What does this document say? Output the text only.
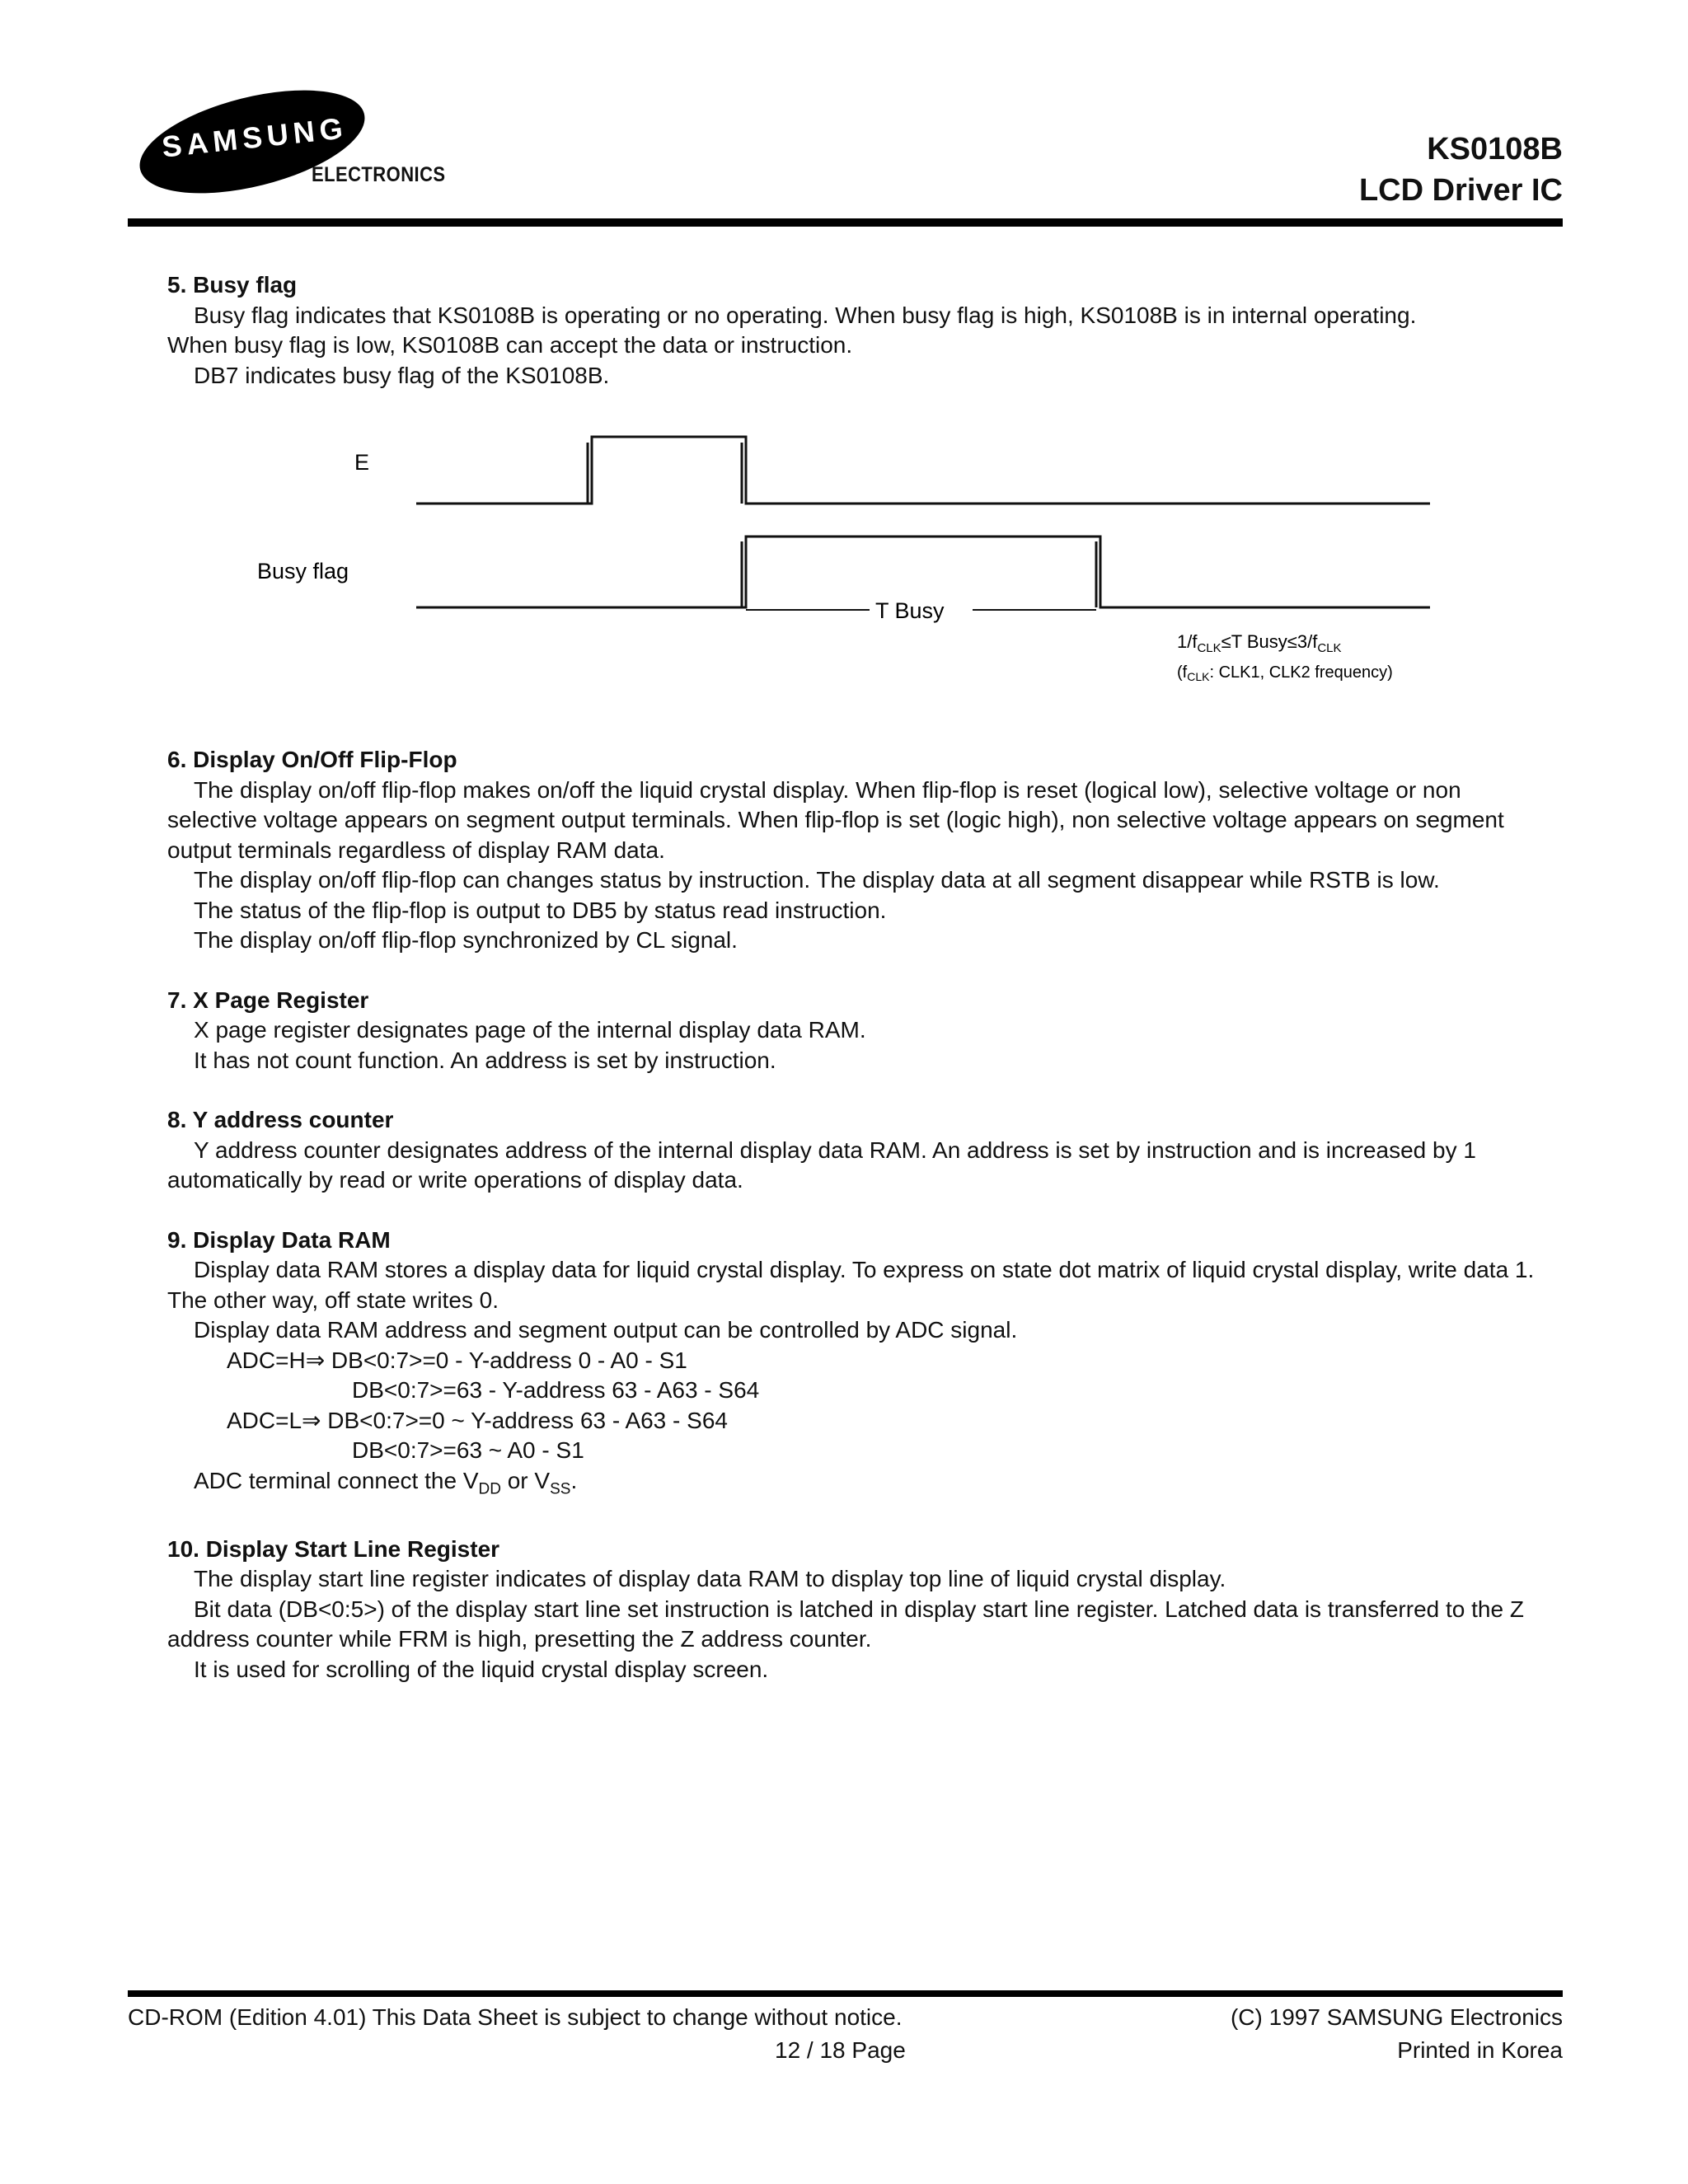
SAMSUNG
ELECTRONICS
KS0108B
LCD Driver IC
5. Busy flag

Busy flag indicates that KS0108B is operating or no operating. When busy flag is high, KS0108B is in internal operating.

When busy flag is low, KS0108B can accept the data or instruction.

DB7 indicates busy flag of the KS0108B.

E
Busy flag
T Busy
$1/f_{CLK}\le T$ $Busy\le 3/f_{CLK}$
($f_{CLK}$: CLK1, CLK2 frequency)
6. Display On/Off Flip-Flop

The display on/off flip-flop makes on/off the liquid crystal display. When flip-flop is reset (logical low), selective voltage or non selective voltage appears on segment output terminals. When flip-flop is set (logic high), non selective voltage appears on segment output terminals regardless of display RAM data.

The display on/off flip-flop can changes status by instruction. The display data at all segment disappear while RSTB is low.

The status of the flip-flop is output to DB5 by status read instruction.

The display on/off flip-flop synchronized by CL signal.

7. X Page Register

X page register designates page of the internal display data RAM.

It has not count function. An address is set by instruction.

8. Y address counter

Y address counter designates address of the internal display data RAM. An address is set by instruction and is increased by 1 automatically by read or write operations of display data.

9. Display Data RAM

Display data RAM stores a display data for liquid crystal display. To express on state dot matrix of liquid crystal display, write data 1. The other way, off state writes 0.

Display data RAM address and segment output can be controlled by ADC signal.

ADC=H⇒ DB<0:7>=0 - Y-address 0 - A0 - S1

DB<0:7>=63 - Y-address 63 - A63 - S64

ADC=L⇒ DB<0:7>=0 ~ Y-address 63 - A63 - S64

DB<0:7>=63 ~ A0 - S1

ADC terminal connect the $V_{DD}$ or $V_{SS}$.

10. Display Start Line Register

The display start line register indicates of display data RAM to display top line of liquid crystal display.

Bit data (DB<0:5>) of the display start line set instruction is latched in display start line register. Latched data is transferred to the Z address counter while FRM is high, presetting the Z address counter.

It is used for scrolling of the liquid crystal display screen.

CD-ROM (Edition 4.01) This Data Sheet is subject to change without notice.
12 / 18 Page
(C) 1997 SAMSUNG Electronics
Printed in Korea
